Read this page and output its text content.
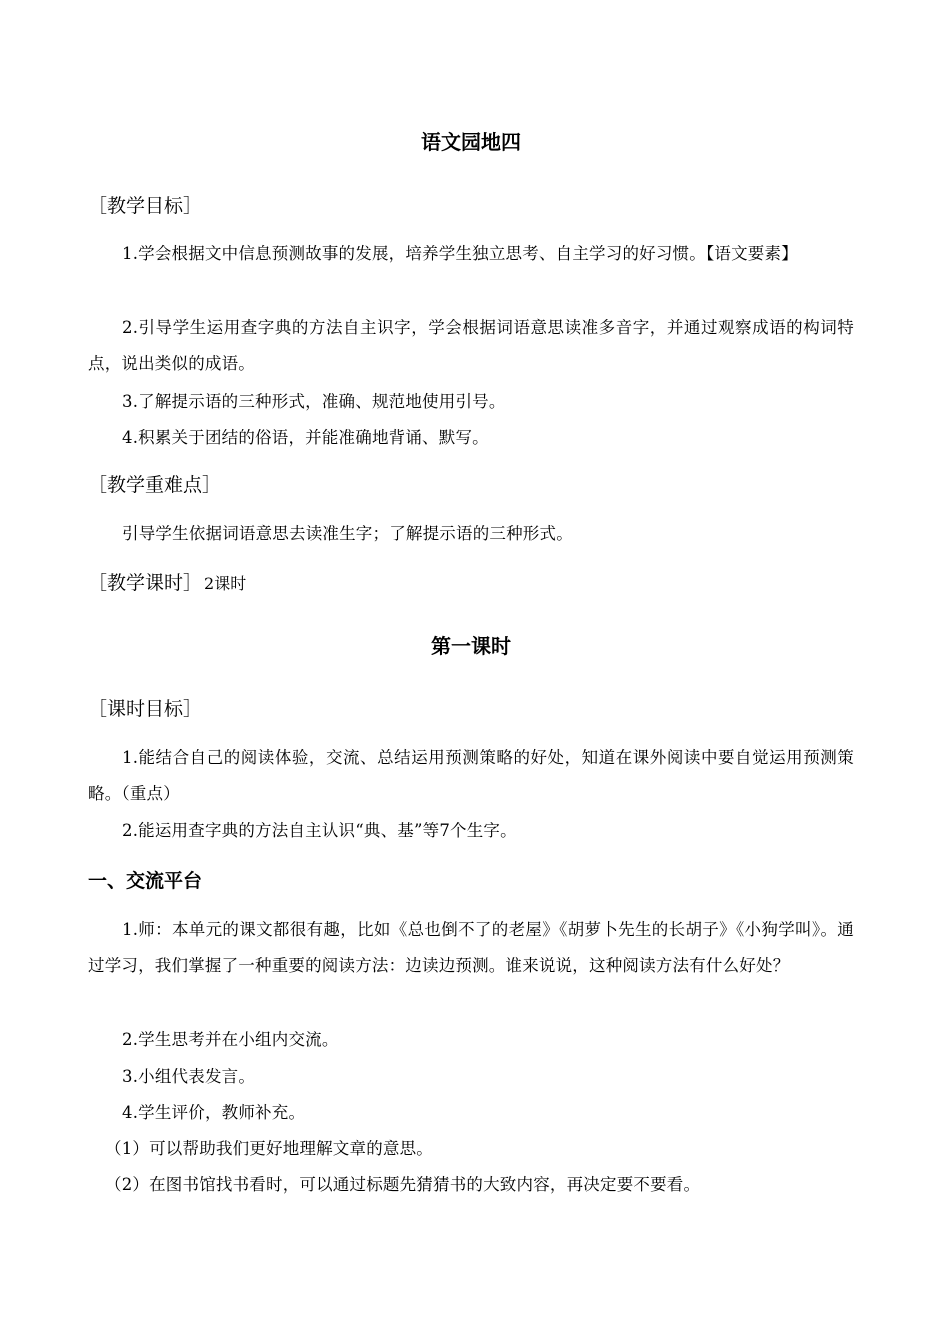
语文园地四
［教学目标］
1.学会根据文中信息预测故事的发展，培养学生独立思考、自主学习的好习惯。【语文要素】
2.引导学生运用查字典的方法自主识字，学会根据词语意思读准多音字，并通过观察成语的构词特点，说出类似的成语。
3.了解提示语的三种形式，准确、规范地使用引号。
4.积累关于团结的俗语，并能准确地背诵、默写。
［教学重难点］
引导学生依据词语意思去读准生字；了解提示语的三种形式。
［教学课时］ 2课时
第一课时
［课时目标］
1.能结合自己的阅读体验，交流、总结运用预测策略的好处，知道在课外阅读中要自觉运用预测策略。（重点）
2.能运用查字典的方法自主认识“典、基”等7个生字。
一、交流平台
1.师：本单元的课文都很有趣，比如《总也倒不了的老屋》《胡萝卜先生的长胡子》《小狗学叫》。通过学习，我们掌握了一种重要的阅读方法：边读边预测。谁来说说，这种阅读方法有什么好处？
2.学生思考并在小组内交流。
3.小组代表发言。
4.学生评价，教师补充。
（1）可以帮助我们更好地理解文章的意思。
（2）在图书馆找书看时，可以通过标题先猜猜书的大致内容，再决定要不要看。
